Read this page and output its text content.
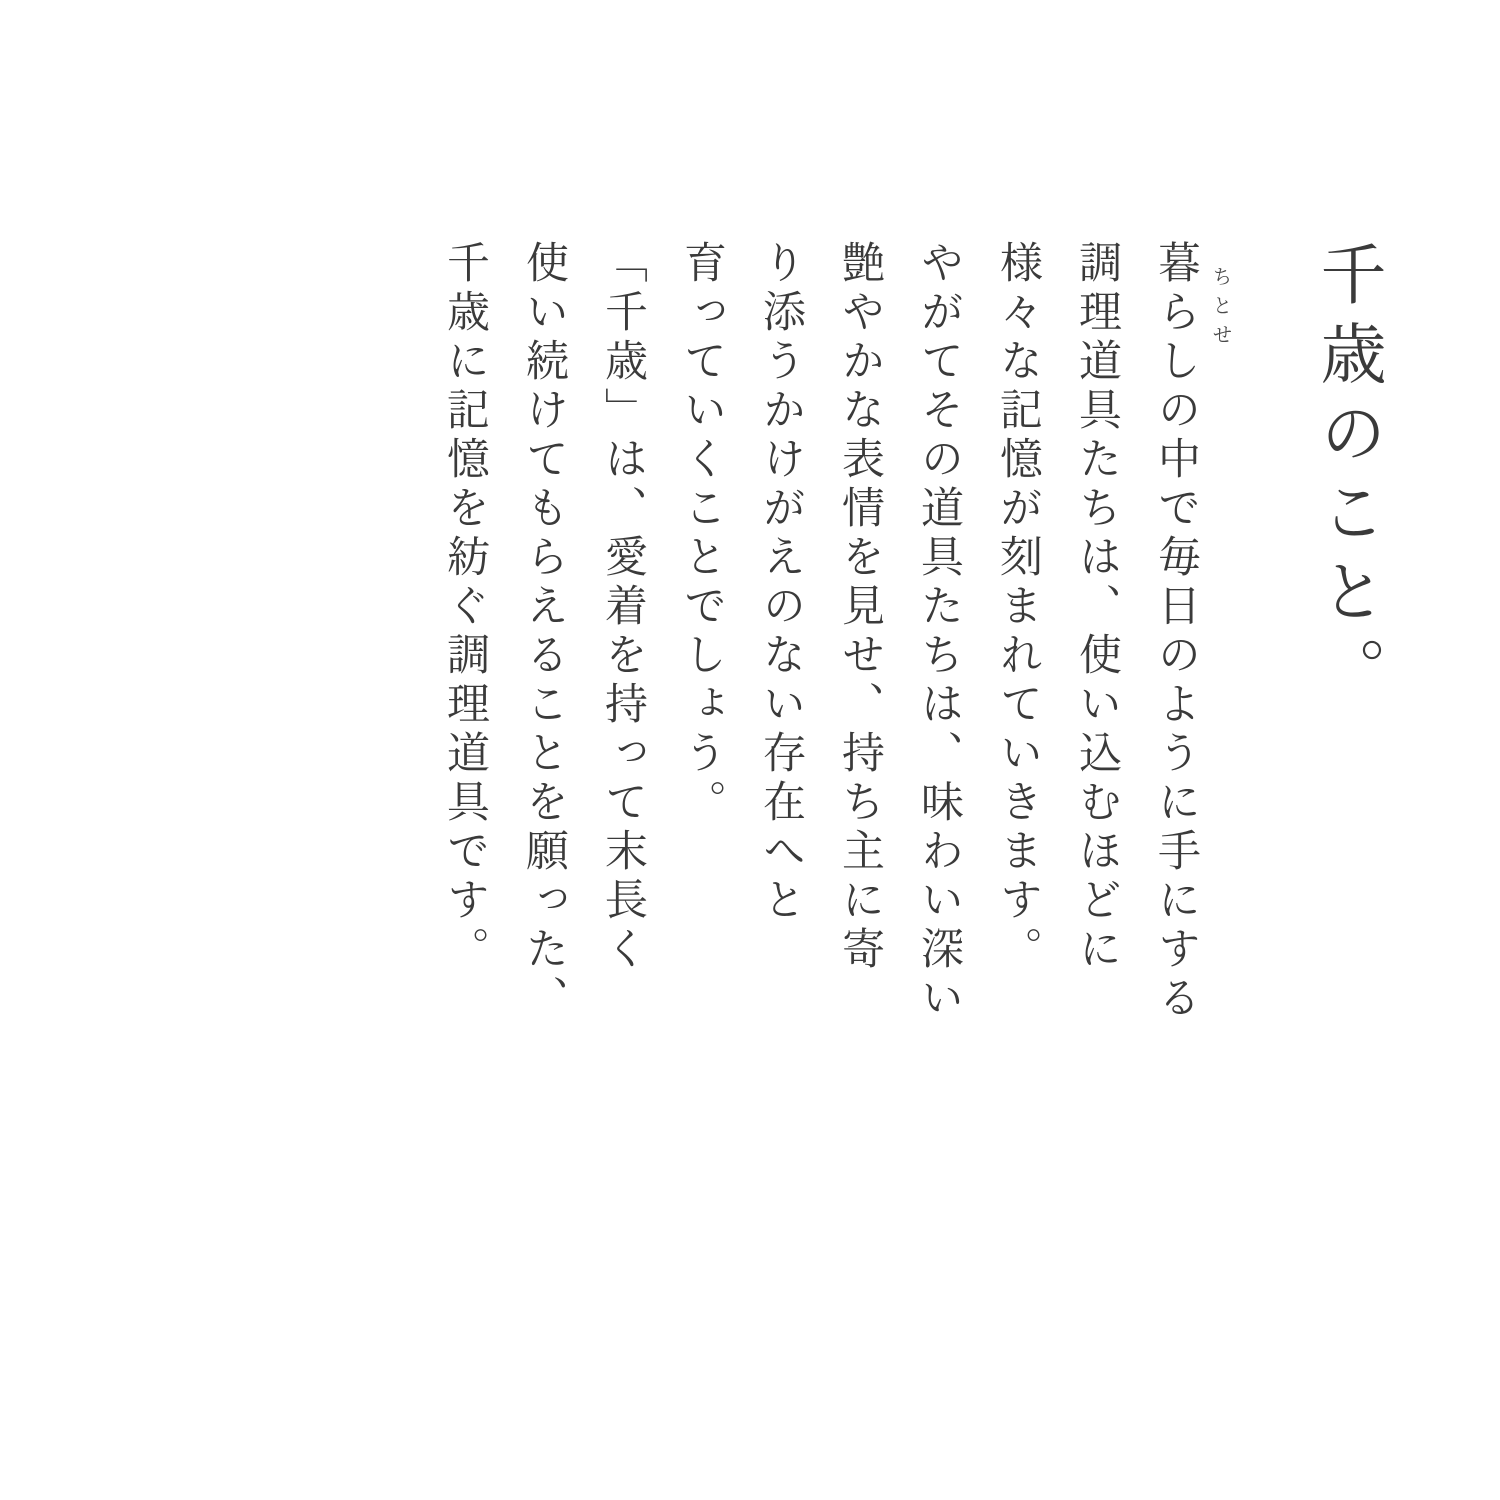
千歳のこと。
ちとせ
暮らしの中で毎日のように手にする
調理道具たちは、使い込むほどに
様々な記憶が刻まれていきます。
やがてその道具たちは、味わい深い
艶やかな表情を見せ、持ち主に寄
り添うかけがえのない存在へと
育っていくことでしょう。
「千歳」は、愛着を持って末長く
使い続けてもらえることを願った、
千歳に記憶を紡ぐ調理道具です。
